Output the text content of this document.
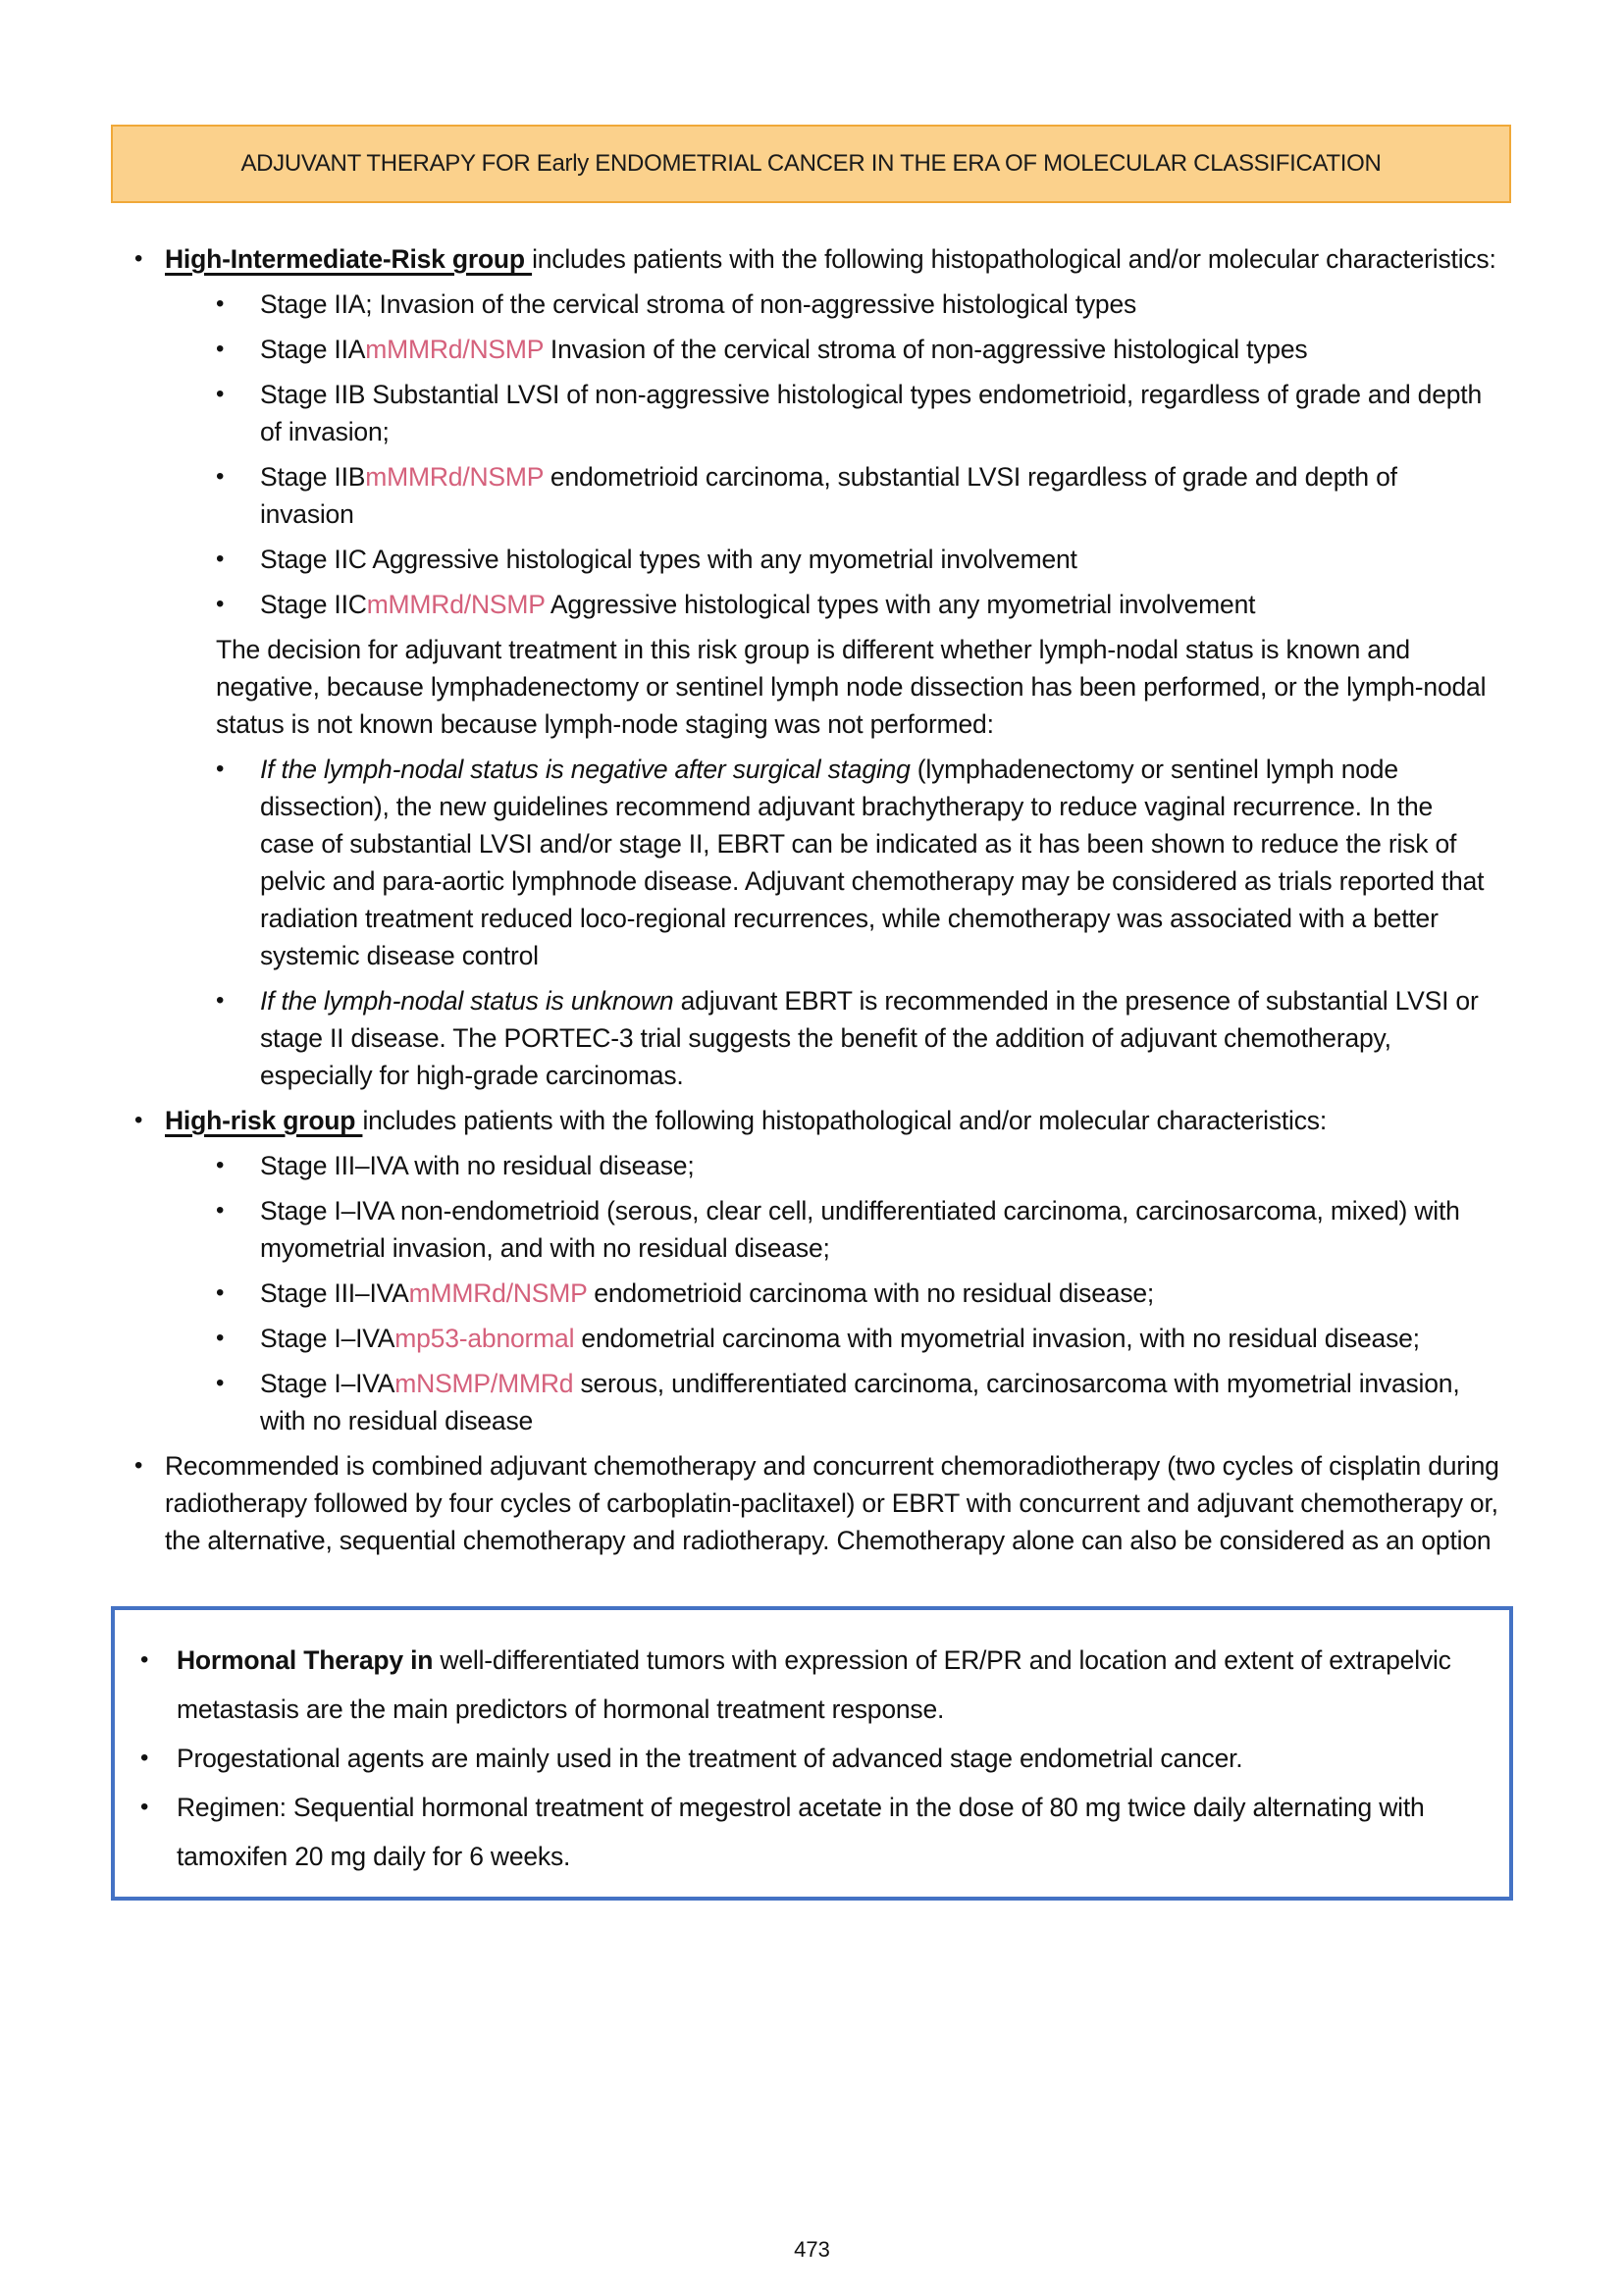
ADJUVANT THERAPY FOR Early ENDOMETRIAL CANCER IN THE ERA OF MOLECULAR CLASSIFICATION
• High-Intermediate-Risk group includes patients with the following histopathological and/or molecular characteristics:
•	Stage IIA; Invasion of the cervical stroma of non-aggressive histological types
•	Stage IIAmMMRd/NSMP Invasion of the cervical stroma of non-aggressive histological types
•	Stage IIB Substantial LVSI of non-aggressive histological types endometrioid, regardless of grade and depth of invasion;
•	Stage IIBmMMRd/NSMP endometrioid carcinoma, substantial LVSI regardless of grade and depth of invasion
•	Stage IIC Aggressive histological types with any myometrial involvement
•	Stage IICmMMRd/NSMP Aggressive histological types with any myometrial involvement
The decision for adjuvant treatment in this risk group is different whether lymph-nodal status is known and negative, because lymphadenectomy or sentinel lymph node dissection has been performed, or the lymph-nodal status is not known because lymph-node staging was not performed:
•	If the lymph-nodal status is negative after surgical staging (lymphadenectomy or sentinel lymph node dissection), the new guidelines recommend adjuvant brachytherapy to reduce vaginal recurrence. In the case of substantial LVSI and/or stage II, EBRT can be indicated as it has been shown to reduce the risk of pelvic and para-aortic lymphnode disease. Adjuvant chemotherapy may be considered as trials reported that radiation treatment reduced loco-regional recurrences, while chemotherapy was associated with a better systemic disease control
•	If the lymph-nodal status is unknown adjuvant EBRT is recommended in the presence of substantial LVSI or stage II disease. The PORTEC-3 trial suggests the benefit of the addition of adjuvant chemotherapy, especially for high-grade carcinomas.
• High-risk group includes patients with the following histopathological and/or molecular characteristics:
•	Stage III–IVA with no residual disease;
•	Stage I–IVA non-endometrioid (serous, clear cell, undifferentiated carcinoma, carcinosarcoma, mixed) with myometrial invasion, and with no residual disease;
•	Stage III–IVAmMMRd/NSMP endometrioid carcinoma with no residual disease;
•	Stage I–IVAmp53-abnormal endometrial carcinoma with myometrial invasion, with no residual disease;
•	Stage I–IVAmNSMP/MMRd serous, undifferentiated carcinoma, carcinosarcoma with myometrial invasion, with no residual disease
• Recommended is combined adjuvant chemotherapy and concurrent chemoradiotherapy (two cycles of cisplatin during radiotherapy followed by four cycles of carboplatin-paclitaxel) or EBRT with concurrent and adjuvant chemotherapy or, the alternative, sequential chemotherapy and radiotherapy. Chemotherapy alone can also be considered as an option
•	Hormonal Therapy in well-differentiated tumors with expression of ER/PR and location and extent of extrapelvic metastasis are the main predictors of hormonal treatment response.
•	Progestational agents are mainly used in the treatment of advanced stage endometrial cancer.
•	Regimen: Sequential hormonal treatment of megestrol acetate in the dose of 80 mg twice daily alternating with tamoxifen 20 mg daily for 6 weeks.
473
